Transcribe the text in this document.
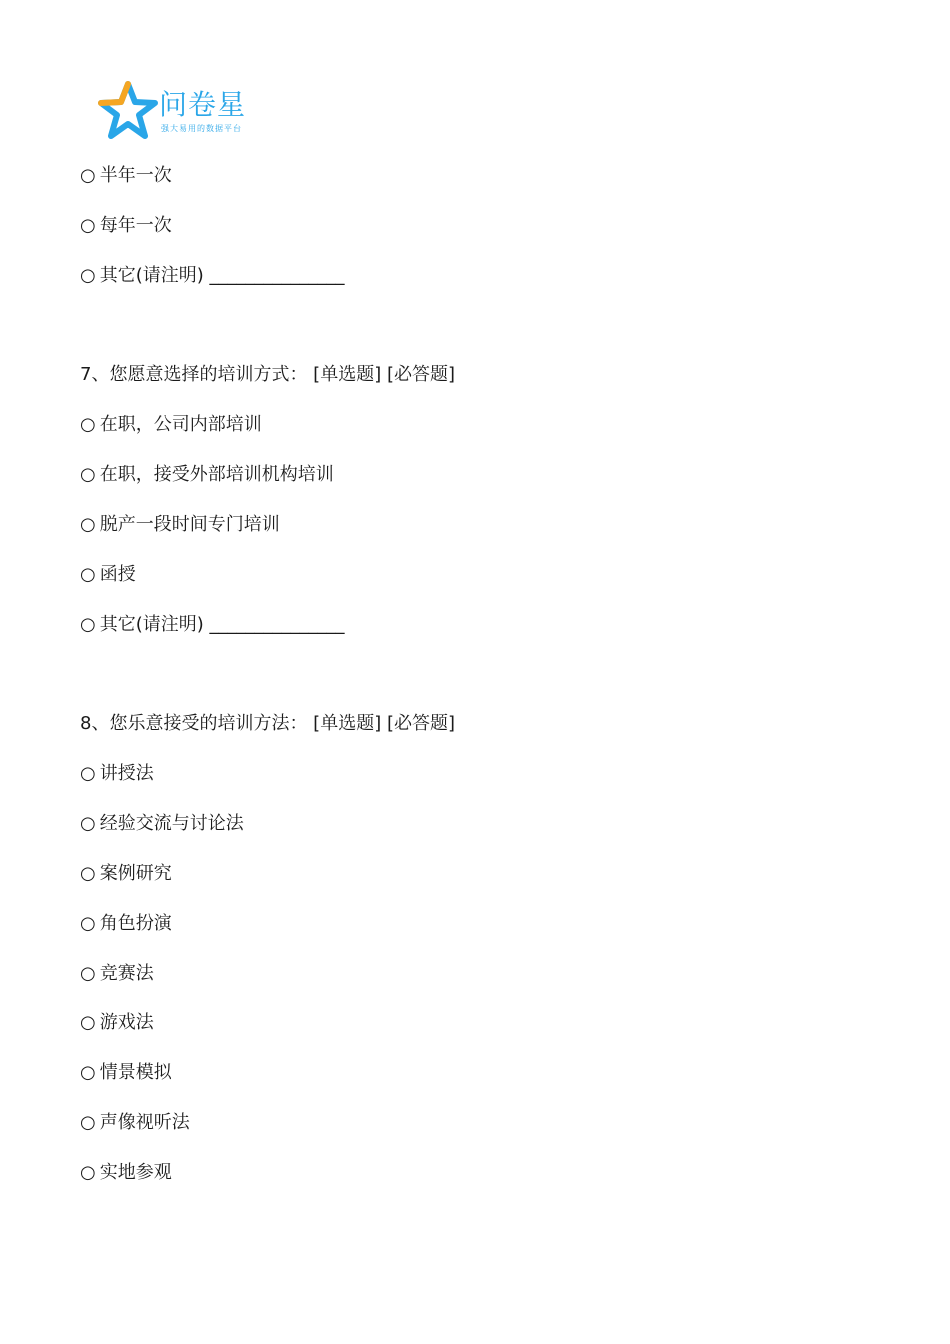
问卷星
强大易用的数据平台
○ 半年一次
○ 每年一次
○ 其它(请注明) _______________
7、您愿意选择的培训方式： [单选题] [必答题]
○ 在职，公司内部培训
○ 在职，接受外部培训机构培训
○ 脱产一段时间专门培训
○ 函授
○ 其它(请注明) _______________
8、您乐意接受的培训方法： [单选题] [必答题]
○ 讲授法
○ 经验交流与讨论法
○ 案例研究
○ 角色扮演
○ 竞赛法
○ 游戏法
○ 情景模拟
○ 声像视听法
○ 实地参观
